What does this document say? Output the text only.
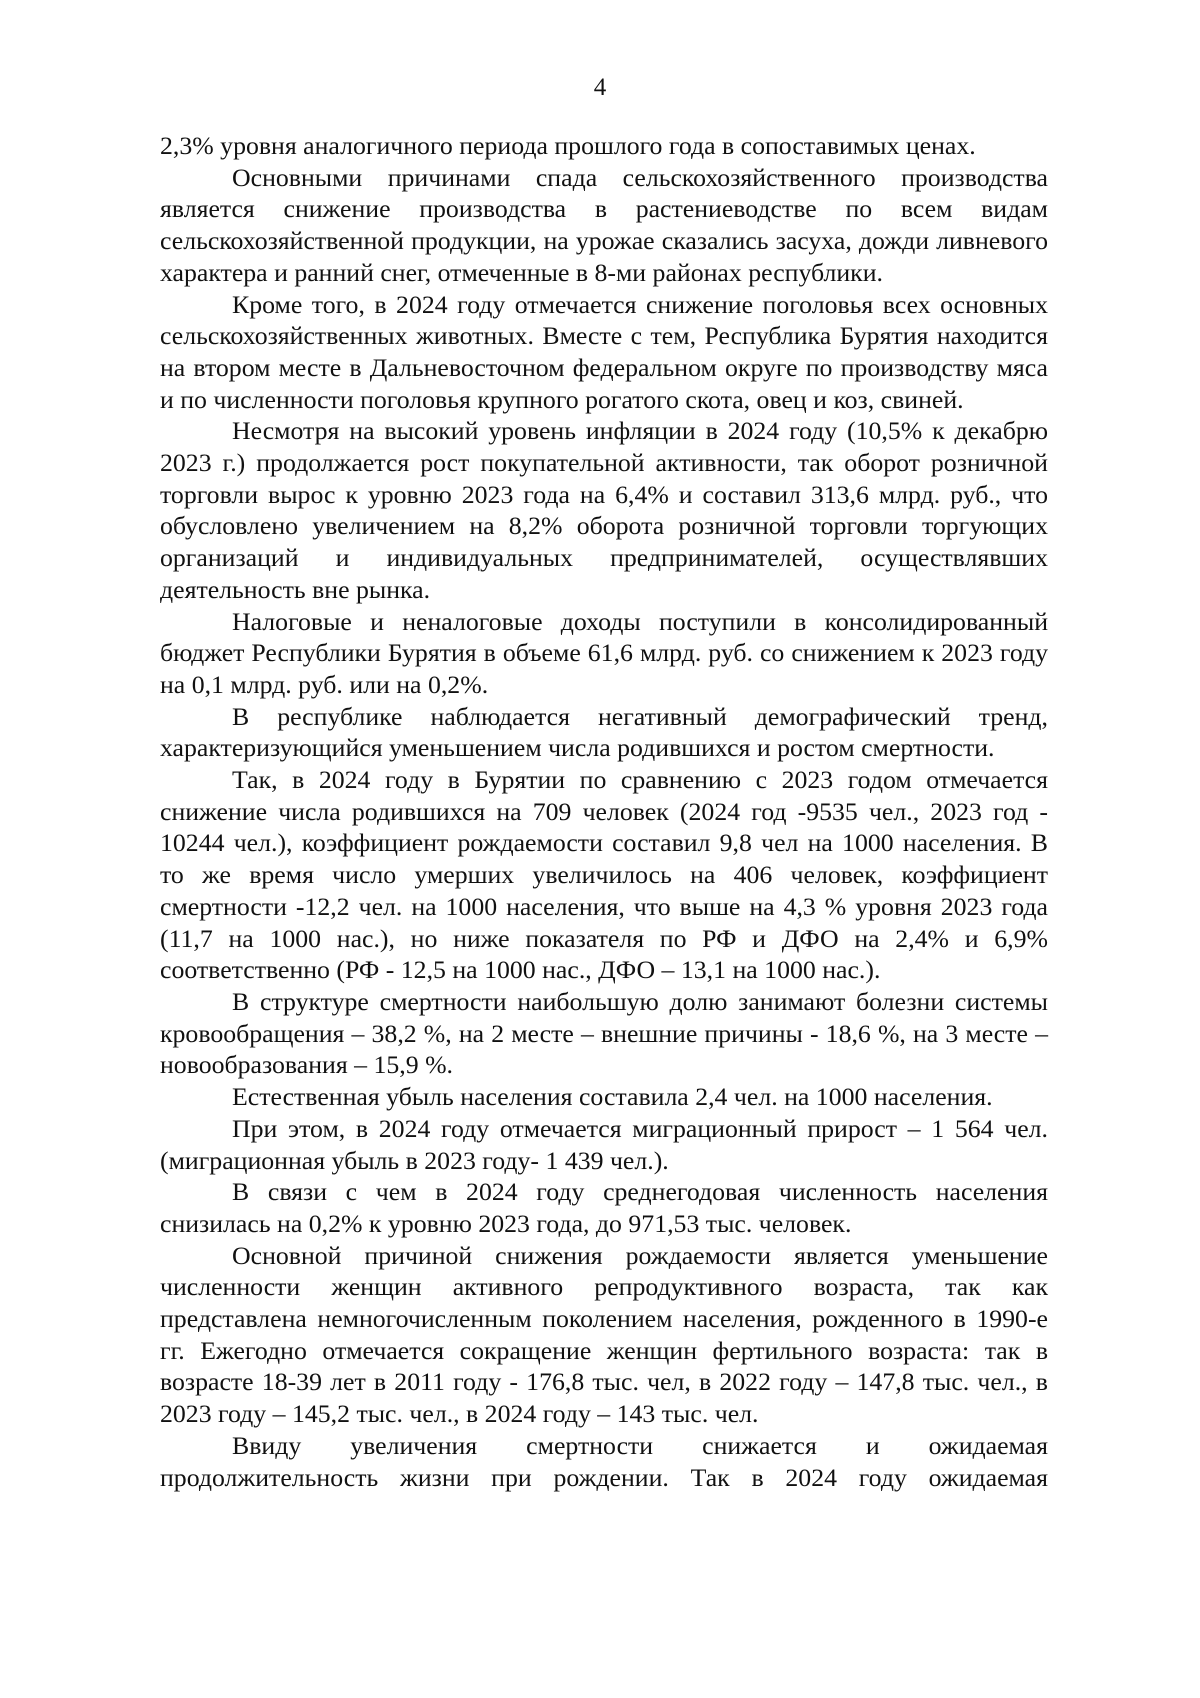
4

2,3% уровня аналогичного периода прошлого года в сопоставимых ценах.

Основными причинами спада сельскохозяйственного производства является снижение производства в растениеводстве по всем видам сельскохозяйственной продукции, на урожае сказались засуха, дожди ливневого характера и ранний снег, отмеченные в 8-ми районах республики.

Кроме того, в 2024 году отмечается снижение поголовья всех основных сельскохозяйственных животных. Вместе с тем, Республика Бурятия находится на втором месте в Дальневосточном федеральном округе по производству мяса и по численности поголовья крупного рогатого скота, овец и коз, свиней.

Несмотря на высокий уровень инфляции в 2024 году (10,5% к декабрю 2023 г.) продолжается рост покупательной активности, так оборот розничной торговли вырос к уровню 2023 года на 6,4% и составил 313,6 млрд. руб., что обусловлено увеличением на 8,2% оборота розничной торговли торгующих организаций и индивидуальных предпринимателей, осуществлявших деятельность вне рынка.

Налоговые и неналоговые доходы поступили в консолидированный бюджет Республики Бурятия в объеме 61,6 млрд. руб. со снижением к 2023 году на 0,1 млрд. руб. или на 0,2%.

В республике наблюдается негативный демографический тренд, характеризующийся уменьшением числа родившихся и ростом смертности.

Так, в 2024 году в Бурятии по сравнению с 2023 годом отмечается снижение числа родившихся на 709 человек (2024 год -9535 чел., 2023 год - 10244 чел.), коэффициент рождаемости составил 9,8 чел на 1000 населения. В то же время число умерших увеличилось на 406 человек, коэффициент смертности -12,2 чел. на 1000 населения, что выше на 4,3 % уровня 2023 года (11,7 на 1000 нас.), но ниже показателя по РФ и ДФО на 2,4% и 6,9% соответственно (РФ - 12,5 на 1000 нас., ДФО – 13,1 на 1000 нас.).

В структуре смертности наибольшую долю занимают болезни системы кровообращения – 38,2 %, на 2 месте – внешние причины - 18,6 %, на 3 месте – новообразования – 15,9 %.

Естественная убыль населения составила 2,4 чел. на 1000 населения.

При этом, в 2024 году отмечается миграционный прирост – 1 564 чел. (миграционная убыль в 2023 году- 1 439 чел.).

В связи с чем в 2024 году среднегодовая численность населения снизилась на 0,2% к уровню 2023 года, до 971,53 тыс. человек.

Основной причиной снижения рождаемости является уменьшение численности женщин активного репродуктивного возраста, так как представлена немногочисленным поколением населения, рожденного в 1990-е гг. Ежегодно отмечается сокращение женщин фертильного возраста: так в возрасте 18-39 лет в 2011 году - 176,8 тыс. чел, в 2022 году – 147,8 тыс. чел., в 2023 году – 145,2 тыс. чел., в 2024 году – 143 тыс. чел.

Ввиду увеличения смертности снижается и ожидаемая продолжительность жизни при рождении. Так в 2024 году ожидаемая
